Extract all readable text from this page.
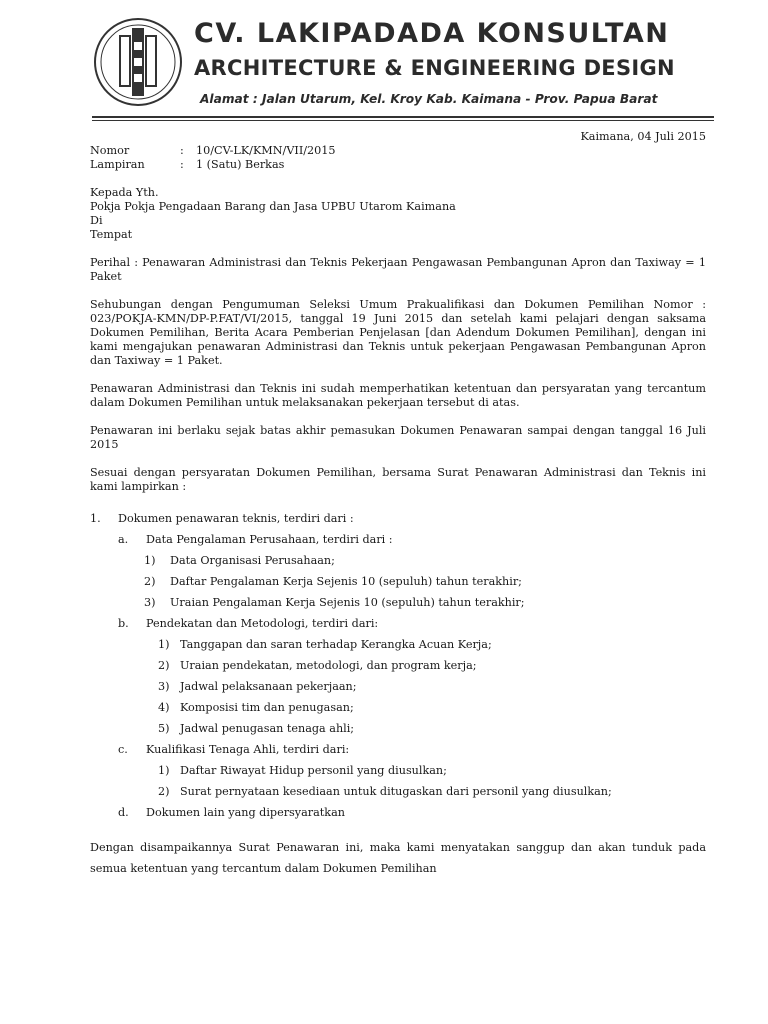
CV. LAKIPADADA KONSULTAN
ARCHITECTURE & ENGINEERING DESIGN
Alamat : Jalan Utarum, Kel. Kroy Kab. Kaimana - Prov. Papua Barat
Kaimana, 04 Juli 2015
Nomor	:	10/CV-LK/KMN/VII/2015
Lampiran	:	1 (Satu) Berkas

Kepada Yth.

Pokja Pokja Pengadaan Barang dan Jasa UPBU Utarom Kaimana

Di

Tempat

Perihal : Penawaran Administrasi dan Teknis Pekerjaan Pengawasan Pembangunan Apron dan Taxiway = 1 Paket

Sehubungan dengan Pengumuman Seleksi Umum Prakualifikasi dan Dokumen Pemilihan Nomor : 023/POKJA-KMN/DP-P.FAT/VI/2015, tanggal 19 Juni 2015 dan setelah kami pelajari dengan saksama Dokumen Pemilihan, Berita Acara Pemberian Penjelasan [dan Adendum Dokumen Pemilihan], dengan ini kami mengajukan penawaran Administrasi dan Teknis untuk pekerjaan Pengawasan Pembangunan Apron dan Taxiway = 1 Paket.

Penawaran Administrasi dan Teknis ini sudah memperhatikan ketentuan dan persyaratan yang tercantum dalam Dokumen Pemilihan untuk melaksanakan pekerjaan tersebut di atas.

Penawaran ini berlaku sejak batas akhir pemasukan Dokumen Penawaran sampai dengan tanggal 16 Juli 2015

Sesuai dengan persyaratan Dokumen Pemilihan, bersama Surat Penawaran Administrasi dan Teknis ini kami lampirkan :

1.	Dokumen penawaran teknis, terdiri dari :
a.	Data Pengalaman Perusahaan, terdiri dari :
1)	Data Organisasi Perusahaan;
2)	Daftar Pengalaman Kerja Sejenis 10 (sepuluh) tahun terakhir;
3)	Uraian Pengalaman Kerja Sejenis 10 (sepuluh) tahun terakhir;
b.	Pendekatan dan Metodologi, terdiri dari:
1) Tanggapan dan saran terhadap Kerangka Acuan Kerja;
2) Uraian pendekatan, metodologi, dan program kerja;
3) Jadwal pelaksanaan pekerjaan;
4) Komposisi tim dan penugasan;
5) Jadwal penugasan tenaga ahli;
c.	Kualifikasi Tenaga Ahli, terdiri dari:
1) Daftar Riwayat Hidup personil yang diusulkan;
2) Surat pernyataan kesediaan untuk ditugaskan dari personil yang diusulkan;
d.	Dokumen lain yang dipersyaratkan

Dengan disampaikannya Surat Penawaran ini, maka kami menyatakan sanggup dan akan tunduk pada semua ketentuan yang tercantum dalam Dokumen Pemilihan
